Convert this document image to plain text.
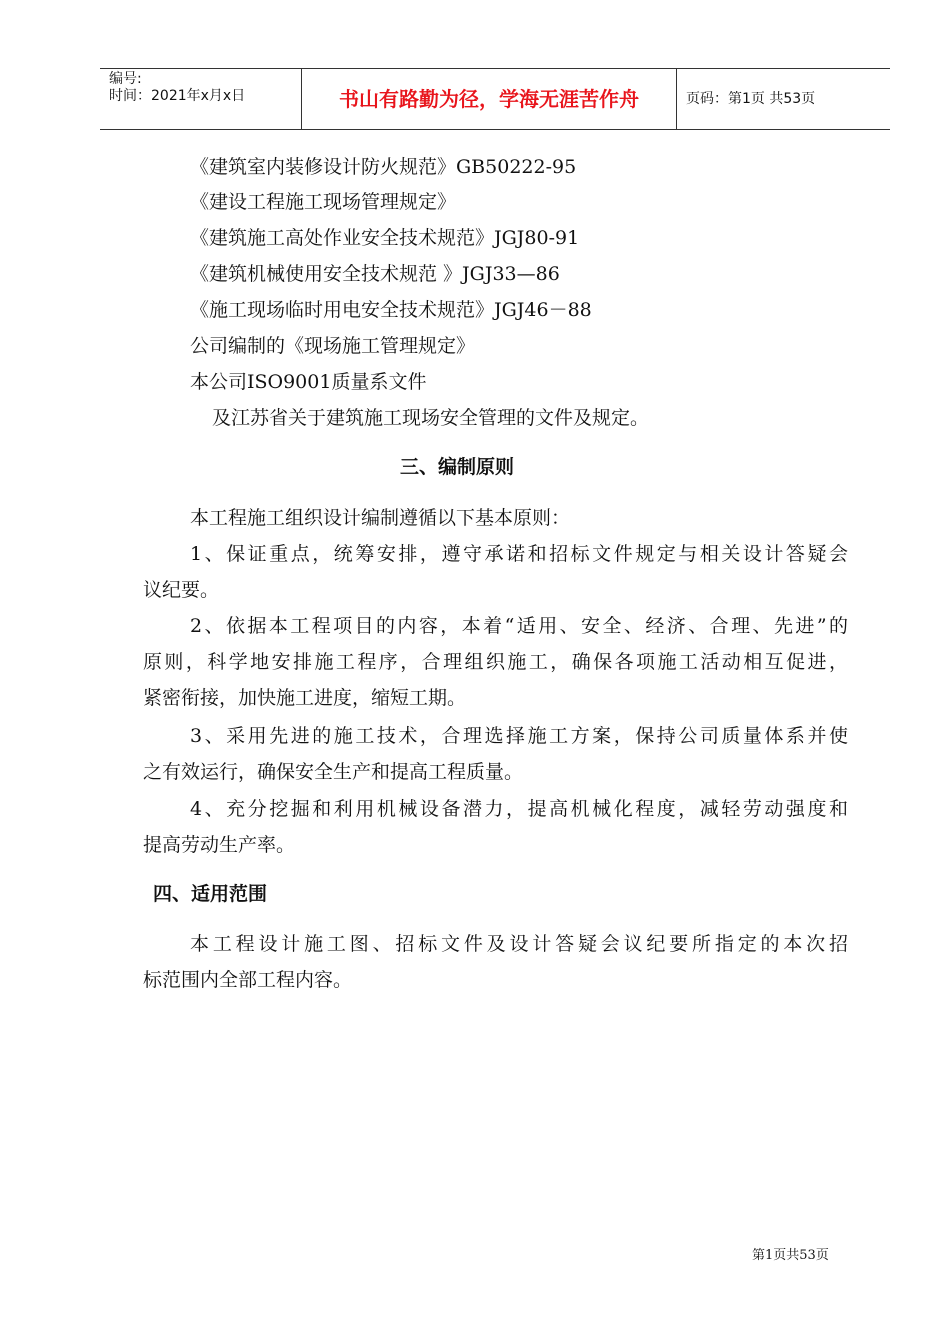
编号:
时间：2021年x月x日	书山有路勤为径，学海无涯苦作舟	页码：第1页 共53页
《建筑室内装修设计防火规范》GB50222-95
《建设工程施工现场管理规定》
《建筑施工高处作业安全技术规范》JGJ80-91
《建筑机械使用安全技术规范 》JGJ33—86
《施工现场临时用电安全技术规范》JGJ46－88
公司编制的《现场施工管理规定》
本公司ISO9001质量系文件
及江苏省关于建筑施工现场安全管理的文件及规定。
三、编制原则
本工程施工组织设计编制遵循以下基本原则：
1、保证重点，统筹安排，遵守承诺和招标文件规定与相关设计答疑会
议纪要。
2、依据本工程项目的内容，本着“适用、安全、经济、合理、先进”的
原则，科学地安排施工程序，合理组织施工，确保各项施工活动相互促进，
紧密衔接，加快施工进度，缩短工期。
3、采用先进的施工技术，合理选择施工方案，保持公司质量体系并使
之有效运行，确保安全生产和提高工程质量。
4、充分挖掘和利用机械设备潜力，提高机械化程度，减轻劳动强度和
提高劳动生产率。
四、适用范围
本工程设计施工图、招标文件及设计答疑会议纪要所指定的本次招
标范围内全部工程内容。
第1页共53页
